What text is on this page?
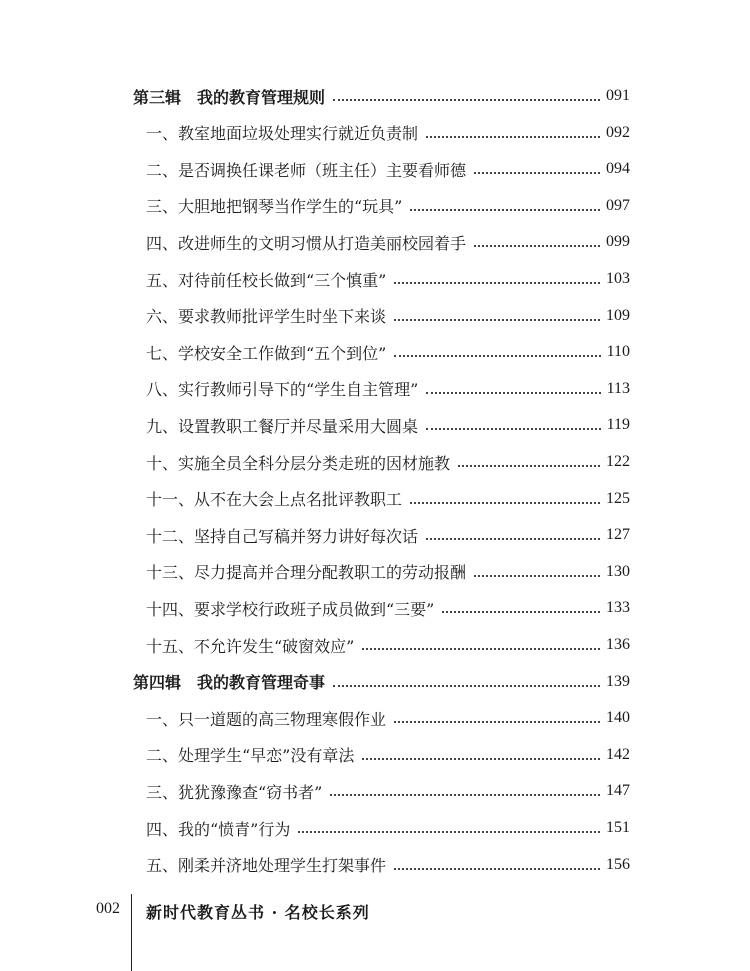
第三辑　我的教育管理规则	091
一、教室地面垃圾处理实行就近负责制	092
二、是否调换任课老师（班主任）主要看师德	094
三、大胆地把钢琴当作学生的“玩具”	097
四、改进师生的文明习惯从打造美丽校园着手	099
五、对待前任校长做到“三个慎重”	103
六、要求教师批评学生时坐下来谈	109
七、学校安全工作做到“五个到位”	110
八、实行教师引导下的“学生自主管理”	113
九、设置教职工餐厅并尽量采用大圆桌	119
十、实施全员全科分层分类走班的因材施教	122
十一、从不在大会上点名批评教职工	125
十二、坚持自己写稿并努力讲好每次话	127
十三、尽力提高并合理分配教职工的劳动报酬	130
十四、要求学校行政班子成员做到“三要”	133
十五、不允许发生“破窗效应”	136
第四辑　我的教育管理奇事	139
一、只一道题的高三物理寒假作业	140
二、处理学生“早恋”没有章法	142
三、犹犹豫豫查“窃书者”	147
四、我的“愤青”行为	151
五、刚柔并济地处理学生打架事件	156
002 新时代教育丛书 · 名校长系列
